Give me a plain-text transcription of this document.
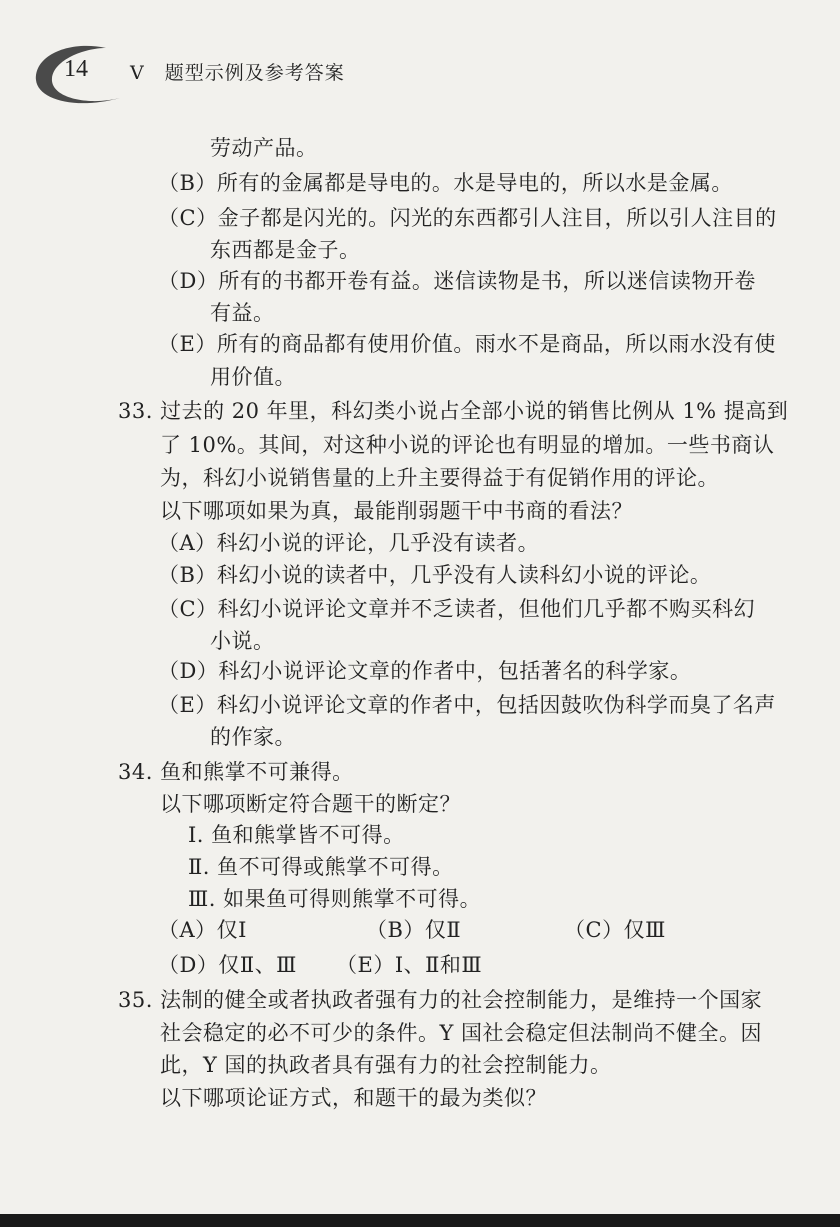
14 Ⅴ　题型示例及参考答案
劳动产品。
（B）所有的金属都是导电的。水是导电的，所以水是金属。
（C）金子都是闪光的。闪光的东西都引人注目，所以引人注目的
东西都是金子。
（D）所有的书都开卷有益。迷信读物是书，所以迷信读物开卷
有益。
（E）所有的商品都有使用价值。雨水不是商品，所以雨水没有使
用价值。
33. 过去的 20 年里，科幻类小说占全部小说的销售比例从 1% 提高到
了 10%。其间，对这种小说的评论也有明显的增加。一些书商认
为，科幻小说销售量的上升主要得益于有促销作用的评论。
以下哪项如果为真，最能削弱题干中书商的看法？
（A）科幻小说的评论，几乎没有读者。
（B）科幻小说的读者中，几乎没有人读科幻小说的评论。
（C）科幻小说评论文章并不乏读者，但他们几乎都不购买科幻
小说。
（D）科幻小说评论文章的作者中，包括著名的科学家。
（E）科幻小说评论文章的作者中，包括因鼓吹伪科学而臭了名声
的作家。
34. 鱼和熊掌不可兼得。
以下哪项断定符合题干的断定？
Ⅰ. 鱼和熊掌皆不可得。
Ⅱ. 鱼不可得或熊掌不可得。
Ⅲ. 如果鱼可得则熊掌不可得。
（A）仅Ⅰ	（B）仅Ⅱ	（C）仅Ⅲ
（D）仅Ⅱ、Ⅲ （E）Ⅰ、Ⅱ和Ⅲ
35. 法制的健全或者执政者强有力的社会控制能力，是维持一个国家
社会稳定的必不可少的条件。Y 国社会稳定但法制尚不健全。因
此，Y 国的执政者具有强有力的社会控制能力。
以下哪项论证方式，和题干的最为类似？
